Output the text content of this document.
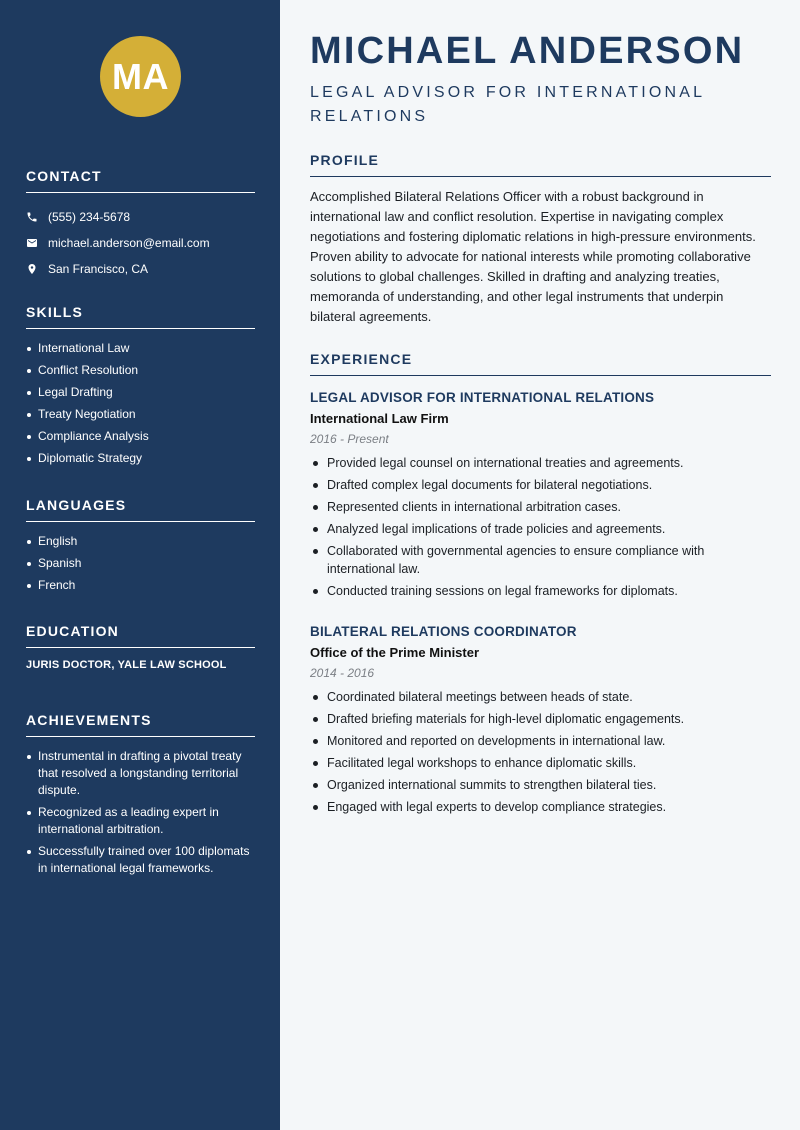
MA
CONTACT
(555) 234-5678
michael.anderson@email.com
San Francisco, CA
SKILLS
International Law
Conflict Resolution
Legal Drafting
Treaty Negotiation
Compliance Analysis
Diplomatic Strategy
LANGUAGES
English
Spanish
French
EDUCATION
JURIS DOCTOR, YALE LAW SCHOOL
ACHIEVEMENTS
Instrumental in drafting a pivotal treaty that resolved a longstanding territorial dispute.
Recognized as a leading expert in international arbitration.
Successfully trained over 100 diplomats in international legal frameworks.
MICHAEL ANDERSON
LEGAL ADVISOR FOR INTERNATIONAL RELATIONS
PROFILE

Accomplished Bilateral Relations Officer with a robust background in international law and conflict resolution. Expertise in navigating complex negotiations and fostering diplomatic relations in high-pressure environments. Proven ability to advocate for national interests while promoting collaborative solutions to global challenges. Skilled in drafting and analyzing treaties, memoranda of understanding, and other legal instruments that underpin bilateral agreements.

EXPERIENCE
LEGAL ADVISOR FOR INTERNATIONAL RELATIONS
International Law Firm
2016 - Present
Provided legal counsel on international treaties and agreements.
Drafted complex legal documents for bilateral negotiations.
Represented clients in international arbitration cases.
Analyzed legal implications of trade policies and agreements.
Collaborated with governmental agencies to ensure compliance with international law.
Conducted training sessions on legal frameworks for diplomats.
BILATERAL RELATIONS COORDINATOR
Office of the Prime Minister
2014 - 2016
Coordinated bilateral meetings between heads of state.
Drafted briefing materials for high-level diplomatic engagements.
Monitored and reported on developments in international law.
Facilitated legal workshops to enhance diplomatic skills.
Organized international summits to strengthen bilateral ties.
Engaged with legal experts to develop compliance strategies.
